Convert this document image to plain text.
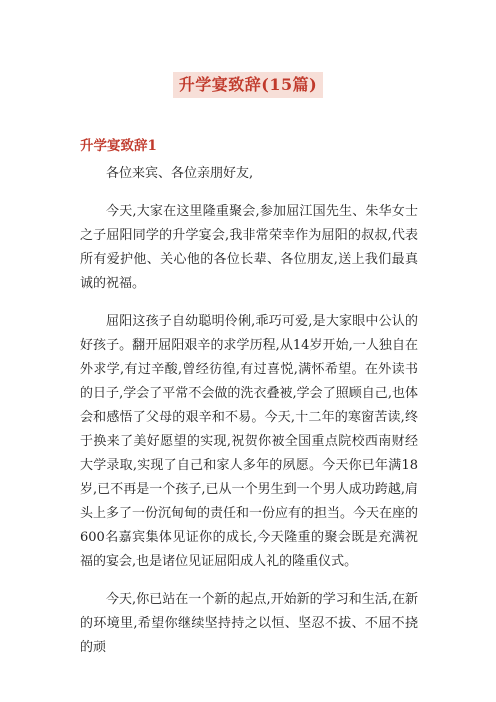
升学宴致辞(15篇)
升学宴致辞1

各位来宾、各位亲朋好友,

今天,大家在这里隆重聚会,参加屈江国先生、朱华女士之子屈阳同学的升学宴会,我非常荣幸作为屈阳的叔叔,代表所有爱护他、关心他的各位长辈、各位朋友,送上我们最真诚的祝福。

屈阳这孩子自幼聪明伶俐,乖巧可爱,是大家眼中公认的好孩子。翻开屈阳艰辛的求学历程,从14岁开始,一人独自在外求学,有过辛酸,曾经彷徨,有过喜悦,满怀希望。在外读书的日子,学会了平常不会做的洗衣叠被,学会了照顾自己,也体会和感悟了父母的艰辛和不易。今天,十二年的寒窗苦读,终于换来了美好愿望的实现,祝贺你被全国重点院校西南财经大学录取,实现了自己和家人多年的夙愿。今天你已年满18岁,已不再是一个孩子,已从一个男生到一个男人成功跨越,肩头上多了一份沉甸甸的责任和一份应有的担当。今天在座的600名嘉宾集体见证你的成长,今天隆重的聚会既是充满祝福的宴会,也是诸位见证屈阳成人礼的隆重仪式。

今天,你已站在一个新的起点,开始新的学习和生活,在新的环境里,希望你继续坚持持之以恒、坚忍不拔、不屈不挠的顽
